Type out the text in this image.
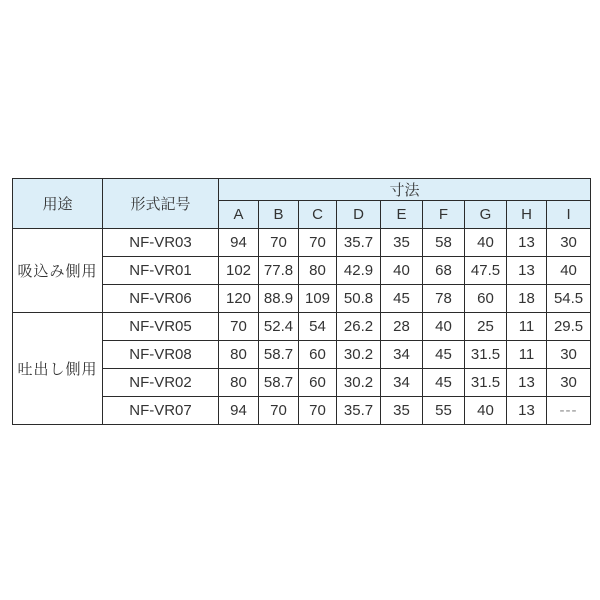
用途	形式記号	寸法								
		A	B	C	D	E	F	G	H	I
吸込み側用	NF-VR03	94	70	70	35.7	35	58	40	13	30
	NF-VR01	102	77.8	80	42.9	40	68	47.5	13	40
	NF-VR06	120	88.9	109	50.8	45	78	60	18	54.5
吐出し側用	NF-VR05	70	52.4	54	26.2	28	40	25	11	29.5
	NF-VR08	80	58.7	60	30.2	34	45	31.5	11	30
	NF-VR02	80	58.7	60	30.2	34	45	31.5	13	30
	NF-VR07	94	70	70	35.7	35	55	40	13	---
